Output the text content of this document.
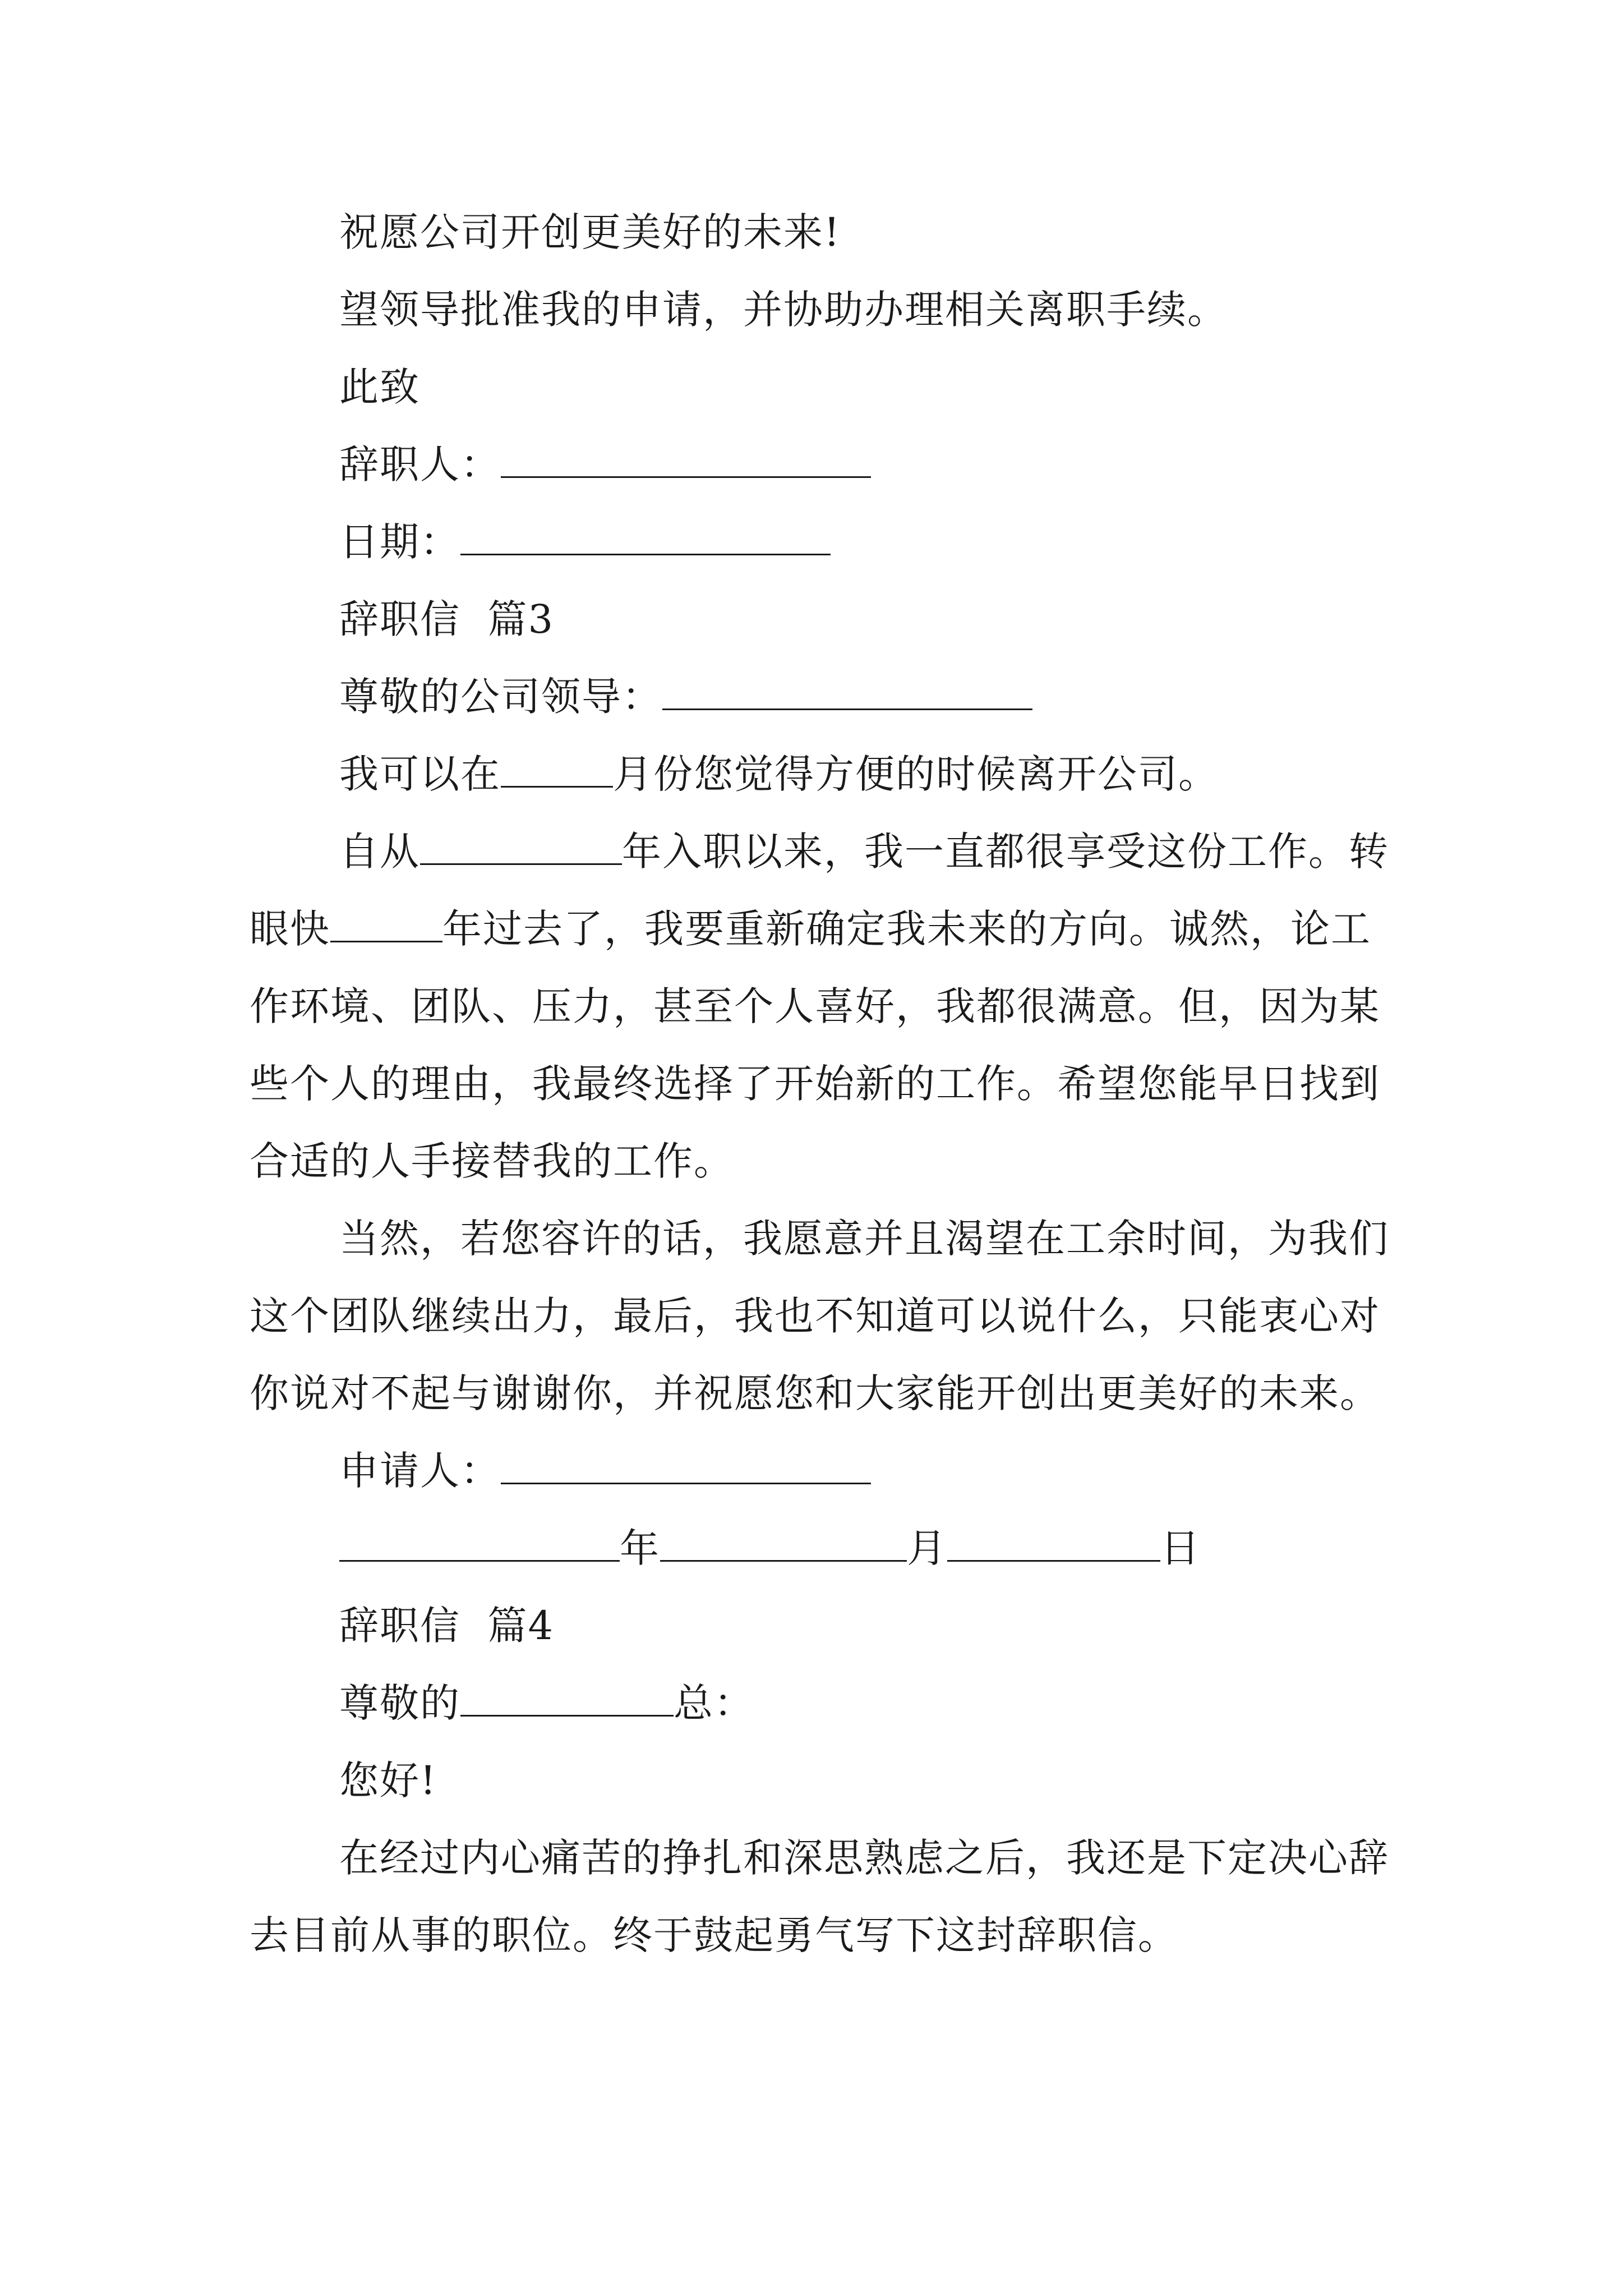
祝愿公司开创更美好的未来!

望领导批准我的申请，并协助办理相关离职手续。

此致

辞职人：

日期：

辞职信  篇3

尊敬的公司领导：

我可以在	月份您觉得方便的时候离开公司。

自从	年入职以来，我一直都很享受这份工作。转眼快	年过去了，我要重新确定我未来的方向。诚然，论工作环境、团队、压力，甚至个人喜好，我都很满意。但，因为某些个人的理由，我最终选择了开始新的工作。希望您能早日找到合适的人手接替我的工作。

当然，若您容许的话，我愿意并且渴望在工余时间，为我们这个团队继续出力，最后，我也不知道可以说什么，只能衷心对你说对不起与谢谢你，并祝愿您和大家能开创出更美好的未来。

申请人：

年	月	日

辞职信  篇4

尊敬的	总：

您好!

在经过内心痛苦的挣扎和深思熟虑之后，我还是下定决心辞去目前从事的职位。终于鼓起勇气写下这封辞职信。
